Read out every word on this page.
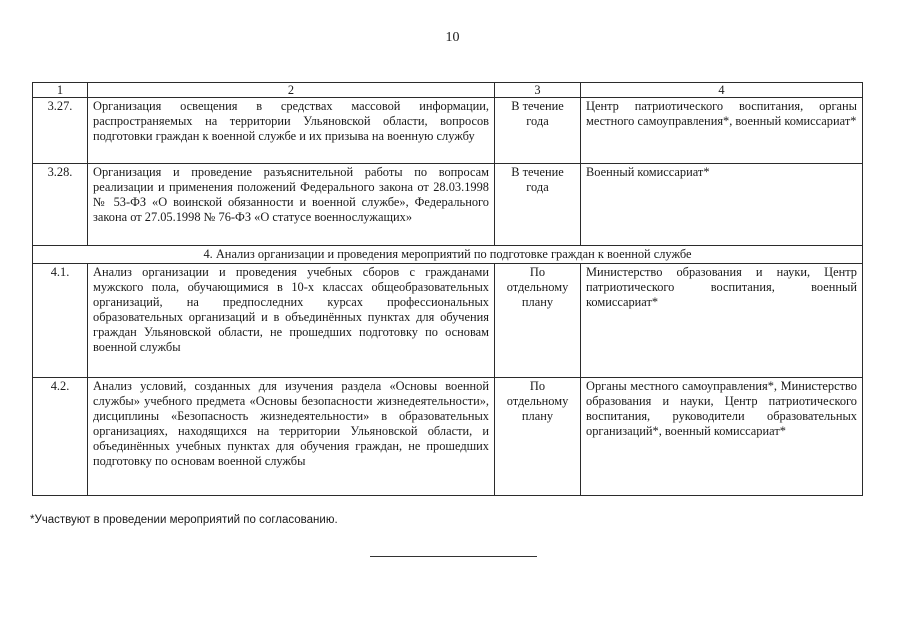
10
1	2	3	4
3.27.	Организация освещения в средствах массовой информации, распространяемых на территории Ульяновской области, вопросов подготовки граждан к военной службе и их призыва на военную службу	В течение года	Центр патриотического воспитания, органы местного самоуправления*, военный комиссариат*
3.28.	Организация и проведение разъяснительной работы по вопросам реализации и применения положений Федерального закона от 28.03.1998 № 53-ФЗ «О воинской обязанности и военной службе», Федерального закона от 27.05.1998 № 76-ФЗ «О статусе военнослужащих»	В течение года	Военный комиссариат*
4. Анализ организации и проведения мероприятий по подготовке граждан к военной службе			
4.1.	Анализ организации и проведения учебных сборов с гражданами мужского пола, обучающимися в 10-х классах общеобразовательных организаций, на предпоследних курсах профессиональных образовательных организаций и в объединённых пунктах для обучения граждан Ульяновской области, не прошедших подготовку по основам военной службы	По отдельному плану	Министерство образования и науки, Центр патриотического воспитания, военный комиссариат*
4.2.	Анализ условий, созданных для изучения раздела «Основы военной службы» учебного предмета «Основы безопасности жизнедеятельности», дисциплины «Безопасность жизнедеятельности» в образовательных организациях, находящихся на территории Ульяновской области, и объединённых учебных пунктах для обучения граждан, не прошедших подготовку по основам военной службы	По отдельному плану	Органы местного самоуправления*, Министерство образования и науки, Центр патриотического воспитания, руководители образовательных организаций*, военный комиссариат*
*Участвуют в проведении мероприятий по согласованию.
